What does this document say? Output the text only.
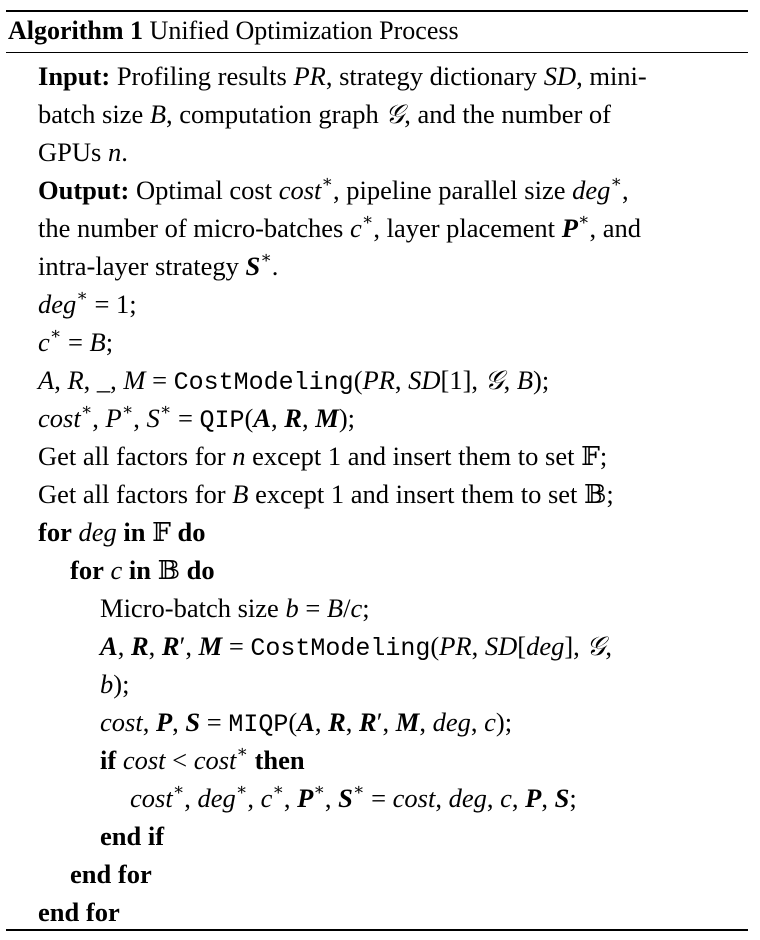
Algorithm 1 Unified Optimization Process
Input: Profiling results PR, strategy dictionary SD, mini-
batch size B, computation graph 𝒢, and the number of
GPUs n.
Output: Optimal cost cost∗, pipeline parallel size deg∗,
the number of micro-batches c∗, layer placement P∗, and
intra-layer strategy S∗.
deg∗ = 1;
c∗ = B;
A, R, _, M = CostModeling(PR, SD[1], 𝒢, B);
cost∗, P∗, S∗ = QIP(A, R, M);
Get all factors for n except 1 and insert them to set 𝔽;
Get all factors for B except 1 and insert them to set 𝔹;
for deg in 𝔽 do
for c in 𝔹 do
Micro-batch size b = B/c;
A, R, R′, M = CostModeling(PR, SD[deg], 𝒢,
b);
cost, P, S = MIQP(A, R, R′, M, deg, c);
if cost < cost∗ then
cost∗, deg∗, c∗, P∗, S∗ = cost, deg, c, P, S;
end if
end for
end for
